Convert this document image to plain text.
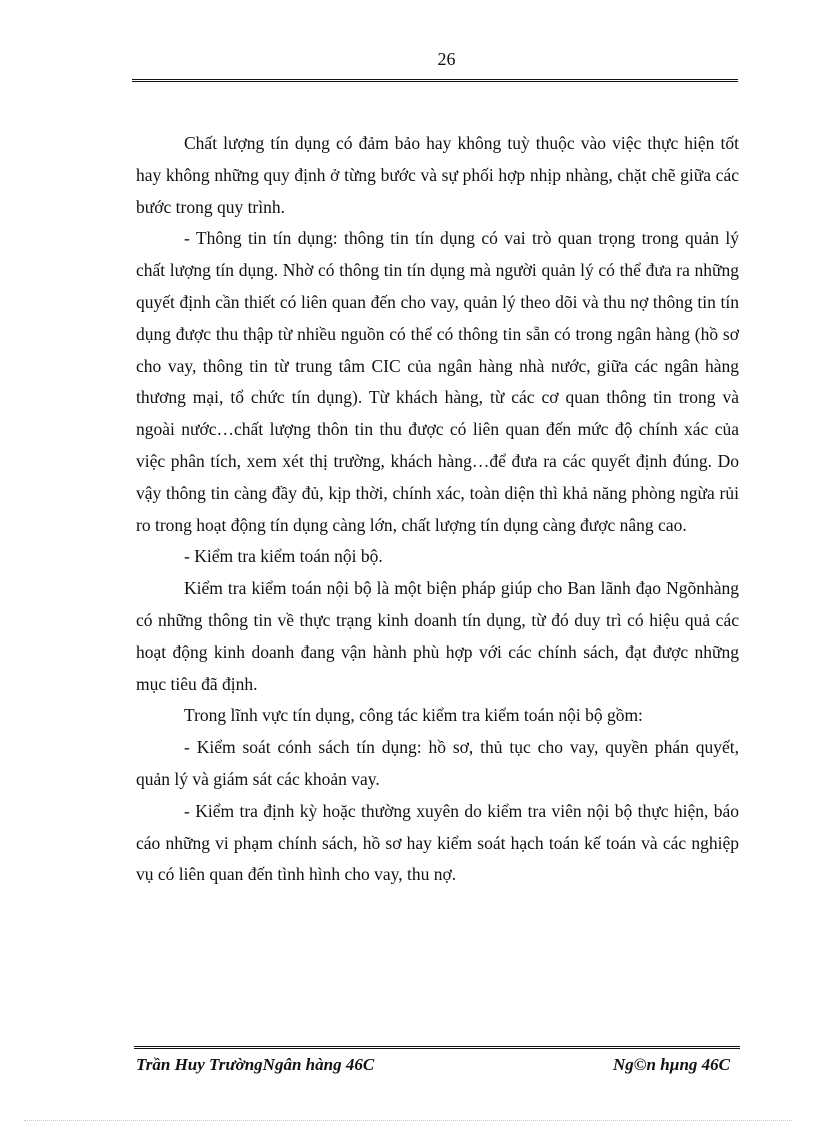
26

Chất lượng tín dụng có đảm bảo hay không tuỳ thuộc vào việc thực hiện tốt hay không những quy định ở từng bước và sự phối hợp nhịp nhàng, chặt chẽ giữa các bước trong quy trình.

- Thông tin tín dụng: thông tin tín dụng có vai trò quan trọng trong quản lý chất lượng tín dụng. Nhờ có thông tin tín dụng mà người quản lý có thể đưa ra những quyết định cần thiết có liên quan đến cho vay, quản lý theo dõi và thu nợ thông tin tín dụng được thu thập từ nhiều nguồn có thể có thông tin sẵn có trong ngân hàng (hồ sơ cho vay, thông tin từ trung tâm CIC của ngân hàng nhà nước, giữa các ngân hàng thương mại, tổ chức tín dụng). Từ khách hàng, từ các cơ quan thông tin trong và ngoài nước…chất lượng thôn tin thu được có liên quan đến mức độ chính xác của việc phân tích, xem xét thị trường, khách hàng…để đưa ra các quyết định đúng. Do vậy thông tin càng đầy đủ, kịp thời, chính xác, toàn diện thì khả năng phòng ngừa rủi ro trong hoạt động tín dụng càng lớn, chất lượng tín dụng càng được nâng cao.

- Kiểm tra kiểm toán nội bộ.

Kiểm tra kiểm toán nội bộ là một biện pháp giúp cho Ban lãnh đạo Ngõnhàng có những thông tin về thực trạng kinh doanh tín dụng, từ đó duy trì có hiệu quả các hoạt động kinh doanh đang vận hành phù hợp với các chính sách, đạt được những mục tiêu đã định.

Trong lĩnh vực tín dụng, công tác kiểm tra kiểm toán nội bộ gồm:

- Kiểm soát cónh sách tín dụng: hồ sơ, thủ tục cho vay, quyền phán quyết, quản lý và giám sát các khoản vay.

- Kiểm tra định kỳ hoặc thường xuyên do kiểm tra viên nội bộ thực hiện, báo cáo những vi phạm chính sách, hồ sơ hay kiểm soát hạch toán kế toán và các nghiệp vụ có liên quan đến tình hình cho vay, thu nợ.

Trần Huy TrườngNgân hàng 46C	Ng©n hµng 46C
